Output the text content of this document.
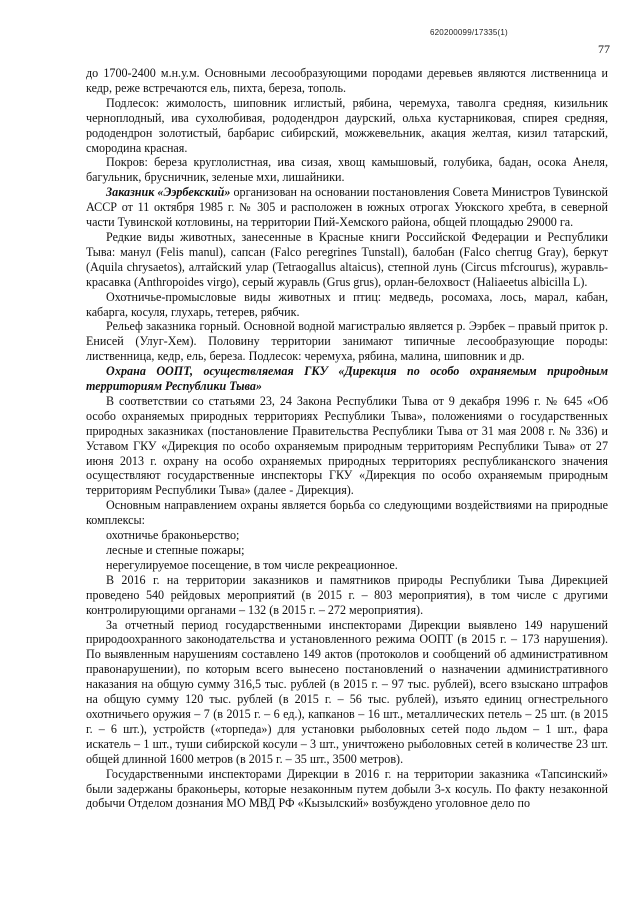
620200099/17335(1)
77

до 1700-2400 м.н.у.м. Основными лесообразующими породами деревьев являются лиственница и кедр, реже встречаются ель, пихта, береза, тополь.

Подлесок: жимолость, шиповник иглистый, рябина, черемуха, таволга средняя, кизильник черноплодный, ива сухолюбивая, рододендрон даурский, ольха кустарниковая, спирея средняя, рододендрон золотистый, барбарис сибирский, можжевельник, акация желтая, кизил татарский, смородина красная.

Покров: береза круглолистная, ива сизая, хвощ камышовый, голубика, бадан, осока Анеля, багульник, брусничник, зеленые мхи, лишайники.

Заказник «Ээрбекский» организован на основании постановления Совета Министров Тувинской АССР от 11 октября 1985 г. № 305 и расположен в южных отрогах Уюкского хребта, в северной части Тувинской котловины, на территории Пий-Хемского района, общей площадью 29000 га.

Редкие виды животных, занесенные в Красные книги Российской Федерации и Республики Тыва: манул (Felis manul), сапсан (Falco peregrines Tunstall), балобан (Falco cherrug Gray), беркут (Aquila chrysaetos), алтайский улар (Tetraogallus altaicus), степной лунь (Circus mfcrourus), журавль-красавка (Anthropoides virgo), серый журавль (Grus grus), орлан-белохвост (Haliaeetus albicilla L).

Охотничье-промысловые виды животных и птиц: медведь, росомаха, лось, марал, кабан, кабарга, косуля, глухарь, тетерев, рябчик.

Рельеф заказника горный. Основной водной магистралью является р. Ээрбек – правый приток р. Енисей (Улуг-Хем). Половину территории занимают типичные лесообразующие породы: лиственница, кедр, ель, береза. Подлесок: черемуха, рябина, малина, шиповник и др.

Охрана ООПТ, осуществляемая ГКУ «Дирекция по особо охраняемым природным территориям Республики Тыва»

В соответствии со статьями 23, 24 Закона Республики Тыва от 9 декабря 1996 г. № 645 «Об особо охраняемых природных территориях Республики Тыва», положениями о государственных природных заказниках (постановление Правительства Республики Тыва от 31 мая 2008 г. № 336) и Уставом ГКУ «Дирекция по особо охраняемым природным территориям Республики Тыва» от 27 июня 2013 г. охрану на особо охраняемых природных территориях республиканского значения осуществляют государственные инспекторы ГКУ «Дирекция по особо охраняемым природным территориям Республики Тыва» (далее - Дирекция).

Основным направлением охраны является борьба со следующими воздействиями на природные комплексы:

охотничье браконьерство;

лесные и степные пожары;

нерегулируемое посещение, в том числе рекреационное.

В 2016 г. на территории заказников и памятников природы Республики Тыва Дирекцией проведено 540 рейдовых мероприятий (в 2015 г. – 803 мероприятия), в том числе с другими контролирующими органами – 132 (в 2015 г. – 272 мероприятия).

За отчетный период государственными инспекторами Дирекции выявлено 149 нарушений природоохранного законодательства и установленного режима ООПТ (в 2015 г. – 173 нарушения). По выявленным нарушениям составлено 149 актов (протоколов и сообщений об административном правонарушении), по которым всего вынесено постановлений о назначении административного наказания на общую сумму 316,5 тыс. рублей (в 2015 г. – 97 тыс. рублей), всего взыскано штрафов на общую сумму 120 тыс. рублей (в 2015 г. – 56 тыс. рублей), изъято единиц огнестрельного охотничьего оружия – 7 (в 2015 г. – 6 ед.), капканов – 16 шт., металлических петель – 25 шт. (в 2015 г. – 6 шт.), устройств («торпеда») для установки рыболовных сетей подо льдом – 1 шт., фара искатель – 1 шт., туши сибирской косули – 3 шт., уничтожено рыболовных сетей в количестве 23 шт. общей длинной 1600 метров (в 2015 г. – 35 шт., 3500 метров).

Государственными инспекторами Дирекции в 2016 г. на территории заказника «Тапсинский» были задержаны браконьеры, которые незаконным путем добыли 3-х косуль. По факту незаконной добычи Отделом дознания МО МВД РФ «Кызылский» возбуждено уголовное дело по
